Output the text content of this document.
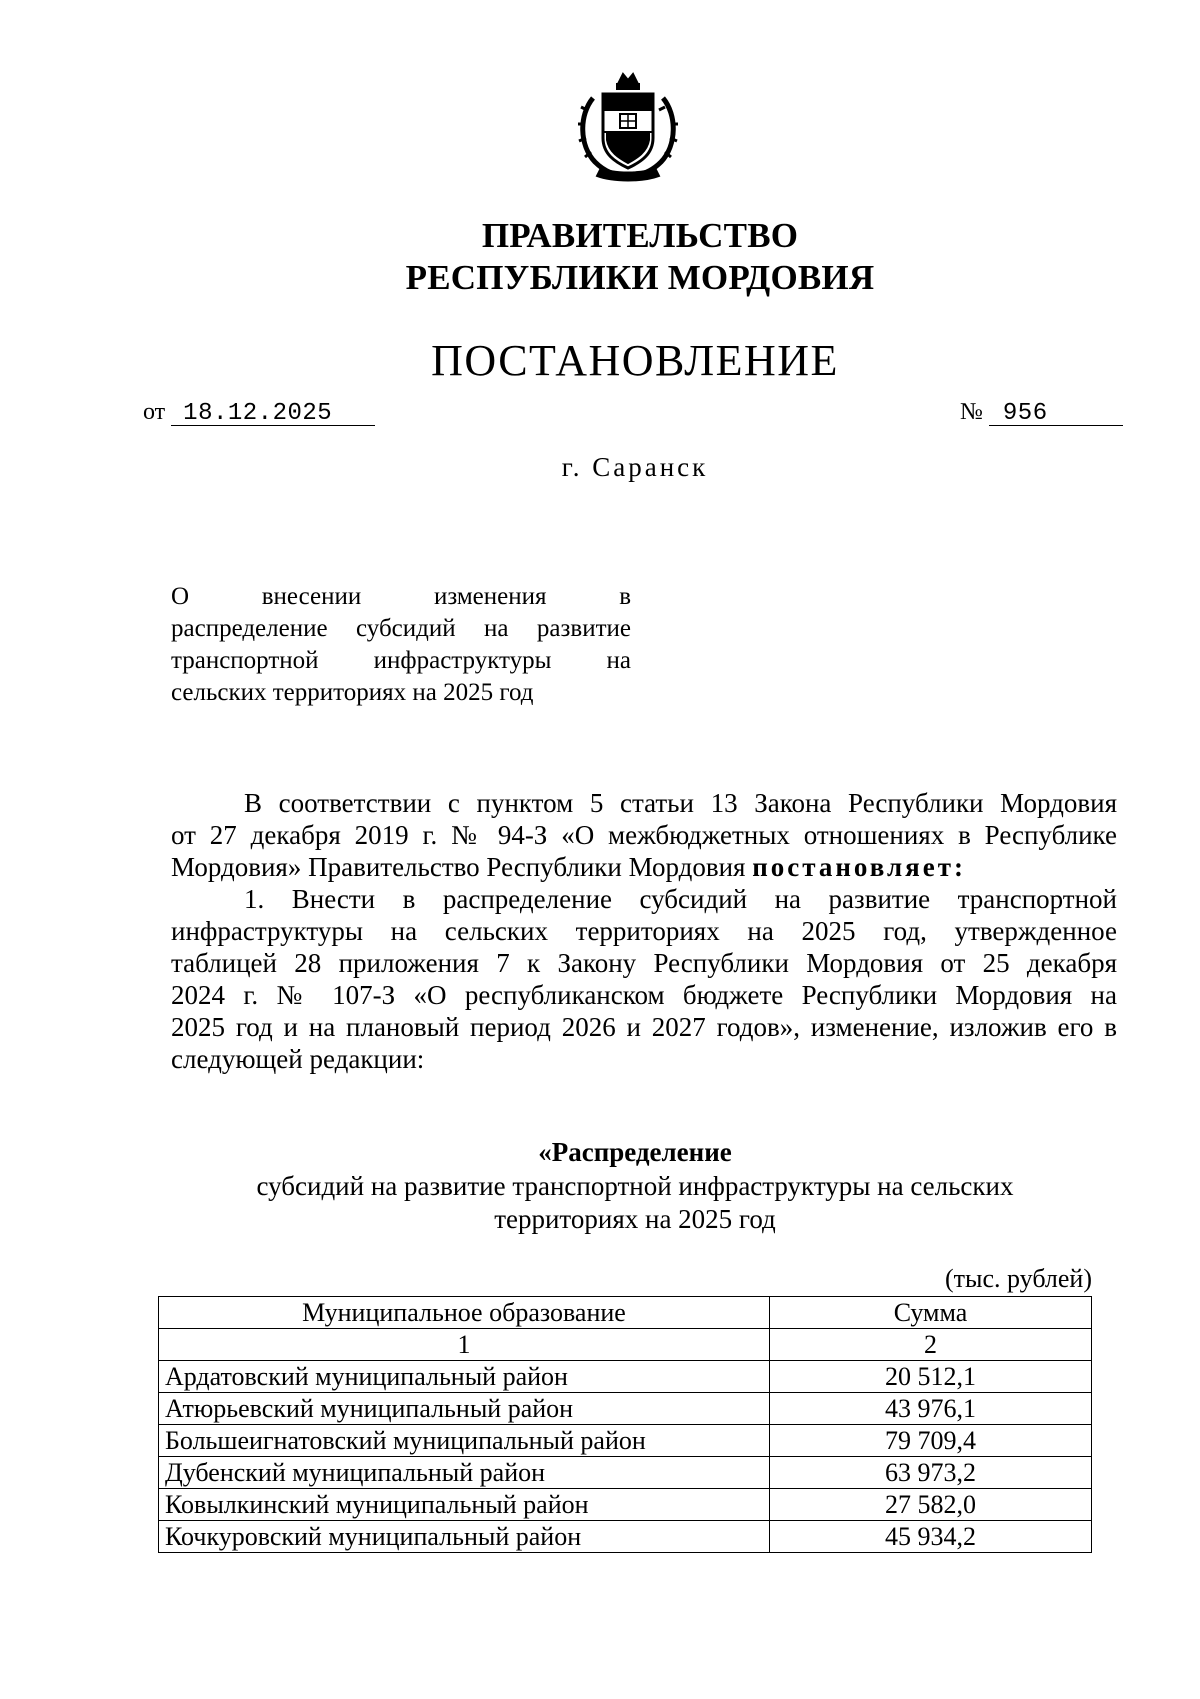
ПРАВИТЕЛЬСТВО
РЕСПУБЛИКИ МОРДОВИЯ
ПОСТАНОВЛЕНИЕ
от 18.12.2025	№ 956
г. Саранск
О	внесении	изменения	в
распределение субсидий на развитие
транспортной инфраструктуры на
сельских территориях на 2025 год
В соответствии с пунктом 5 статьи 13 Закона Республики Мордовия
от 27 декабря 2019 г. № 94-З «О межбюджетных отношениях в Республике
Мордовия» Правительство Республики Мордовия постановляет:
1. Внести в распределение субсидий на развитие транспортной
инфраструктуры на сельских территориях на 2025 год, утвержденное
таблицей 28 приложения 7 к Закону Республики Мордовия от 25 декабря
2024 г. № 107-З «О республиканском бюджете Республики Мордовия на
2025 год и на плановый период 2026 и 2027 годов», изменение, изложив его в
следующей редакции:
«Распределение
субсидий на развитие транспортной инфраструктуры на сельских
территориях на 2025 год
(тыс. рублей)
Муниципальное образование	Сумма
1	2
Ардатовский муниципальный район	20 512,1
Атюрьевский муниципальный район	43 976,1
Большеигнатовский муниципальный район	79 709,4
Дубенский муниципальный район	63 973,2
Ковылкинский муниципальный район	27 582,0
Кочкуровский муниципальный район	45 934,2
